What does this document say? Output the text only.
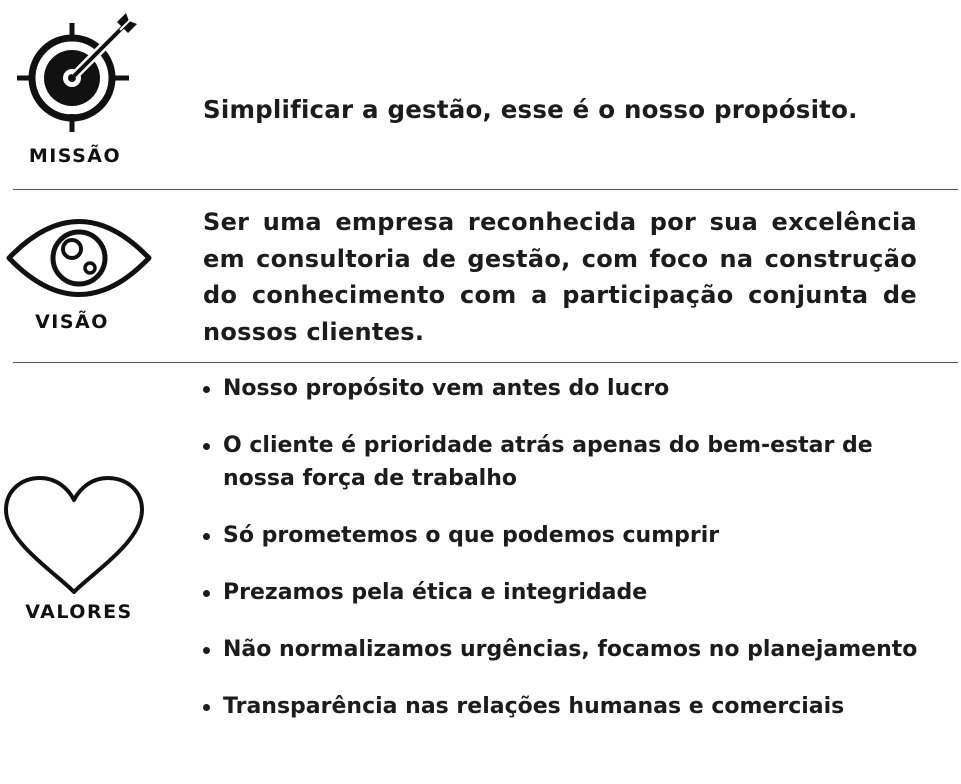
MISSÃO
Simplificar a gestão, esse é o nosso propósito.
VISÃO
Ser uma empresa reconhecida por sua excelência em consultoria de gestão, com foco na construção do conhecimento com a participação conjunta de nossos clientes.
VALORES
Nosso propósito vem antes do lucro
O cliente é prioridade atrás apenas do bem-estar de nossa força de trabalho
Só prometemos o que podemos cumprir
Prezamos pela ética e integridade
Não normalizamos urgências, focamos no planejamento
Transparência nas relações humanas e comerciais
